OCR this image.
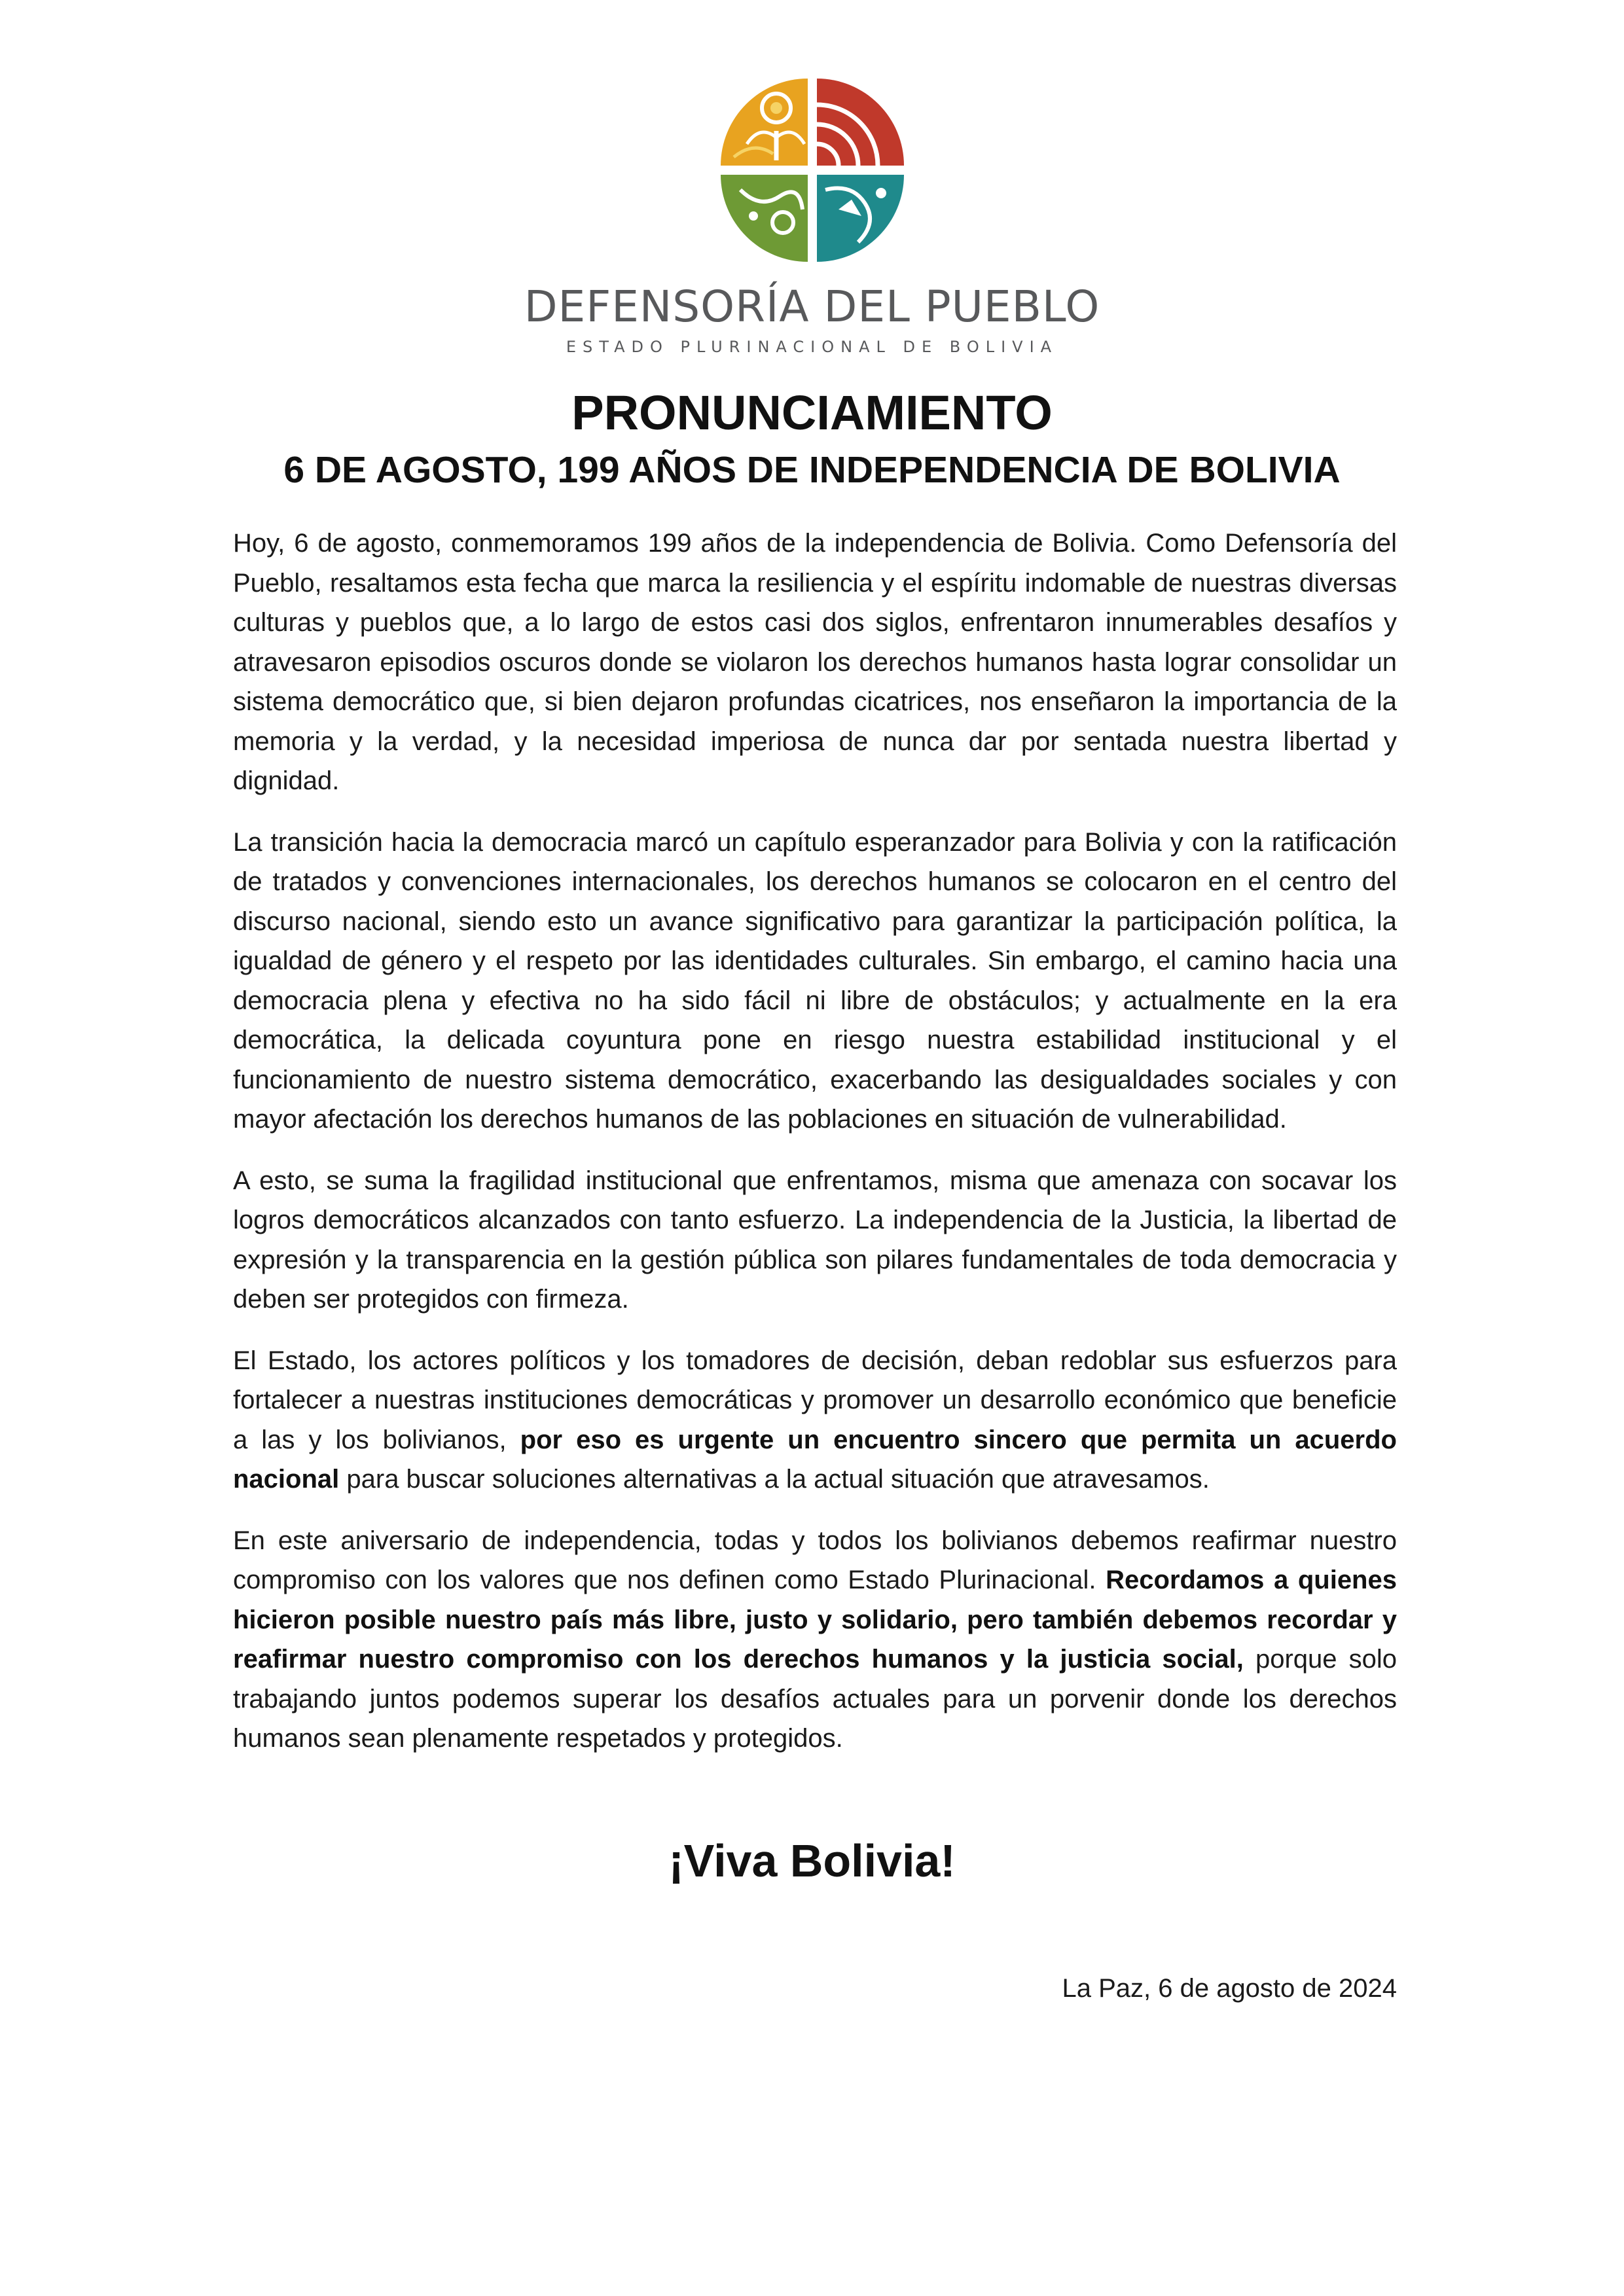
DEFENSORÍA DEL PUEBLO
ESTADO PLURINACIONAL DE BOLIVIA
PRONUNCIAMIENTO
6 DE AGOSTO, 199 AÑOS DE INDEPENDENCIA DE BOLIVIA

Hoy, 6 de agosto, conmemoramos 199 años de la independencia de Bolivia. Como Defensoría del Pueblo, resaltamos esta fecha que marca la resiliencia y el espíritu indomable de nuestras diversas culturas y pueblos que, a lo largo de estos casi dos siglos, enfrentaron innumerables desafíos y atravesaron episodios oscuros donde se violaron los derechos humanos hasta lograr consolidar un sistema democrático que, si bien dejaron profundas cicatrices, nos enseñaron la importancia de la memoria y la verdad, y la necesidad imperiosa de nunca dar por sentada nuestra libertad y dignidad.

La transición hacia la democracia marcó un capítulo esperanzador para Bolivia y con la ratificación de tratados y convenciones internacionales, los derechos humanos se colocaron en el centro del discurso nacional, siendo esto un avance significativo para garantizar la participación política, la igualdad de género y el respeto por las identidades culturales. Sin embargo, el camino hacia una democracia plena y efectiva no ha sido fácil ni libre de obstáculos; y actualmente en la era democrática, la delicada coyuntura pone en riesgo nuestra estabilidad institucional y el funcionamiento de nuestro sistema democrático, exacerbando las desigualdades sociales y con mayor afectación los derechos humanos de las poblaciones en situación de vulnerabilidad.

A esto, se suma la fragilidad institucional que enfrentamos, misma que amenaza con socavar los logros democráticos alcanzados con tanto esfuerzo. La independencia de la Justicia, la libertad de expresión y la transparencia en la gestión pública son pilares fundamentales de toda democracia y deben ser protegidos con firmeza.

El Estado, los actores políticos y los tomadores de decisión, deban redoblar sus esfuerzos para fortalecer a nuestras instituciones democráticas y promover un desarrollo económico que beneficie a las y los bolivianos, por eso es urgente un encuentro sincero que permita un acuerdo nacional para buscar soluciones alternativas a la actual situación que atravesamos.

En este aniversario de independencia, todas y todos los bolivianos debemos reafirmar nuestro compromiso con los valores que nos definen como Estado Plurinacional. Recordamos a quienes hicieron posible nuestro país más libre, justo y solidario, pero también debemos recordar y reafirmar nuestro compromiso con los derechos humanos y la justicia social, porque solo trabajando juntos podemos superar los desafíos actuales para un porvenir donde los derechos humanos sean plenamente respetados y protegidos.

¡Viva Bolivia!
La Paz, 6 de agosto de 2024
